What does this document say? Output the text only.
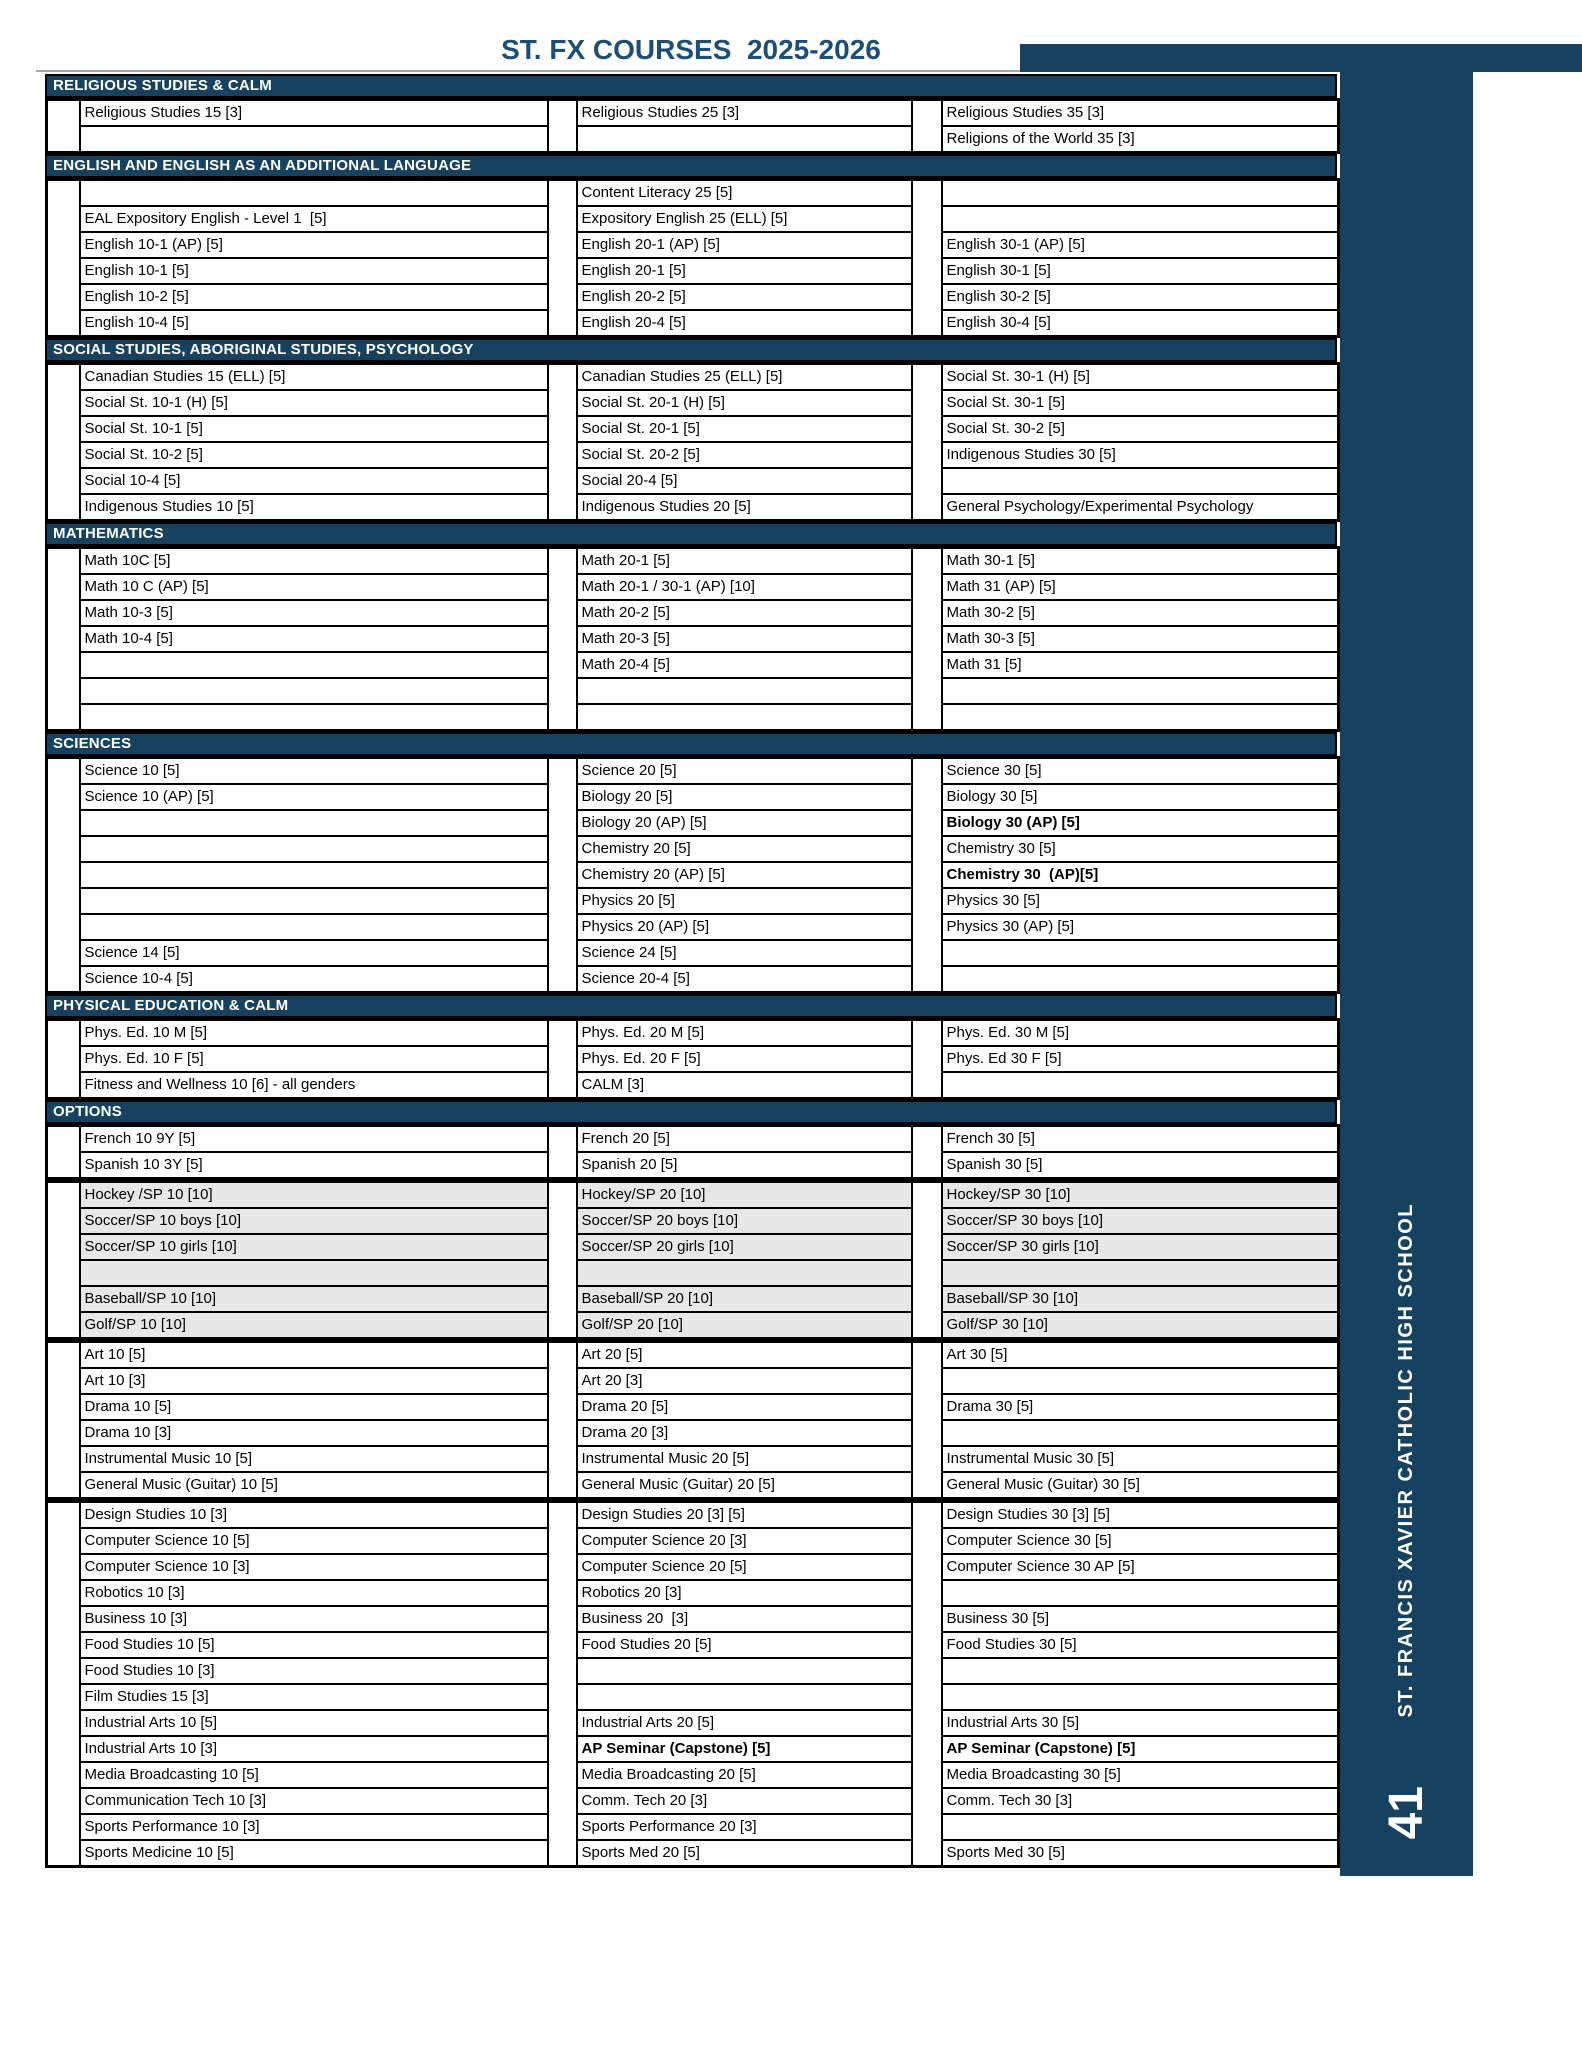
ST. FX COURSES  2025-2026
ST. FRANCIS XAVIER CATHOLIC HIGH SCHOOL
41
RELIGIOUS STUDIES & CALM
	Religious Studies 15 [3]		Religious Studies 25 [3]		Religious Studies 35 [3]
					Religions of the World 35 [3]
ENGLISH AND ENGLISH AS AN ADDITIONAL LANGUAGE
			Content Literacy 25 [5]		
	EAL Expository English - Level 1  [5]		Expository English 25 (ELL) [5]		
	English 10-1 (AP) [5]		English 20-1 (AP) [5]		English 30-1 (AP) [5]
	English 10-1 [5]		English 20-1 [5]		English 30-1 [5]
	English 10-2 [5]		English 20-2 [5]		English 30-2 [5]
	English 10-4 [5]		English 20-4 [5]		English 30-4 [5]
SOCIAL STUDIES, ABORIGINAL STUDIES, PSYCHOLOGY
	Canadian Studies 15 (ELL) [5]		Canadian Studies 25 (ELL) [5]		Social St. 30-1 (H) [5]
	Social St. 10-1 (H) [5]		Social St. 20-1 (H) [5]		Social St. 30-1 [5]
	Social St. 10-1 [5]		Social St. 20-1 [5]		Social St. 30-2 [5]
	Social St. 10-2 [5]		Social St. 20-2 [5]		Indigenous Studies 30 [5]
	Social 10-4 [5]		Social 20-4 [5]		
	Indigenous Studies 10 [5]		Indigenous Studies 20 [5]		General Psychology/Experimental Psychology
MATHEMATICS
	Math 10C [5]		Math 20-1 [5]		Math 30-1 [5]
	Math 10 C (AP) [5]		Math 20-1 / 30-1 (AP) [10]		Math 31 (AP) [5]
	Math 10-3 [5]		Math 20-2 [5]		Math 30-2 [5]
	Math 10-4 [5]		Math 20-3 [5]		Math 30-3 [5]
			Math 20-4 [5]		Math 31 [5]

SCIENCES
	Science 10 [5]		Science 20 [5]		Science 30 [5]
	Science 10 (AP) [5]		Biology 20 [5]		Biology 30 [5]
			Biology 20 (AP) [5]		Biology 30 (AP) [5]
			Chemistry 20 [5]		Chemistry 30 [5]
			Chemistry 20 (AP) [5]		Chemistry 30  (AP)[5]
			Physics 20 [5]		Physics 30 [5]
			Physics 20 (AP) [5]		Physics 30 (AP) [5]
	Science 14 [5]		Science 24 [5]		
	Science 10-4 [5]		Science 20-4 [5]		
PHYSICAL EDUCATION & CALM
	Phys. Ed. 10 M [5]		Phys. Ed. 20 M [5]		Phys. Ed. 30 M [5]
	Phys. Ed. 10 F [5]		Phys. Ed. 20 F [5]		Phys. Ed 30 F [5]
	Fitness and Wellness 10 [6] - all genders		CALM [3]		
OPTIONS
	French 10 9Y [5]		French 20 [5]		French 30 [5]
	Spanish 10 3Y [5]		Spanish 20 [5]		Spanish 30 [5]
	Hockey /SP 10 [10]		Hockey/SP 20 [10]		Hockey/SP 30 [10]
	Soccer/SP 10 boys [10]		Soccer/SP 20 boys [10]		Soccer/SP 30 boys [10]
	Soccer/SP 10 girls [10]		Soccer/SP 20 girls [10]		Soccer/SP 30 girls [10]

	Baseball/SP 10 [10]		Baseball/SP 20 [10]		Baseball/SP 30 [10]
	Golf/SP 10 [10]		Golf/SP 20 [10]		Golf/SP 30 [10]
	Art 10 [5]		Art 20 [5]		Art 30 [5]
	Art 10 [3]		Art 20 [3]		
	Drama 10 [5]		Drama 20 [5]		Drama 30 [5]
	Drama 10 [3]		Drama 20 [3]		
	Instrumental Music 10 [5]		Instrumental Music 20 [5]		Instrumental Music 30 [5]
	General Music (Guitar) 10 [5]		General Music (Guitar) 20 [5]		General Music (Guitar) 30 [5]
	Design Studies 10 [3]		Design Studies 20 [3] [5]		Design Studies 30 [3] [5]
	Computer Science 10 [5]		Computer Science 20 [3]		Computer Science 30 [5]
	Computer Science 10 [3]		Computer Science 20 [5]		Computer Science 30 AP [5]
	Robotics 10 [3]		Robotics 20 [3]		
	Business 10 [3]		Business 20  [3]		Business 30 [5]
	Food Studies 10 [5]		Food Studies 20 [5]		Food Studies 30 [5]
	Food Studies 10 [3]				
	Film Studies 15 [3]				
	Industrial Arts 10 [5]		Industrial Arts 20 [5]		Industrial Arts 30 [5]
	Industrial Arts 10 [3]		AP Seminar (Capstone) [5]		AP Seminar (Capstone) [5]
	Media Broadcasting 10 [5]		Media Broadcasting 20 [5]		Media Broadcasting 30 [5]
	Communication Tech 10 [3]		Comm. Tech 20 [3]		Comm. Tech 30 [3]
	Sports Performance 10 [3]		Sports Performance 20 [3]		
	Sports Medicine 10 [5]		Sports Med 20 [5]		Sports Med 30 [5]
